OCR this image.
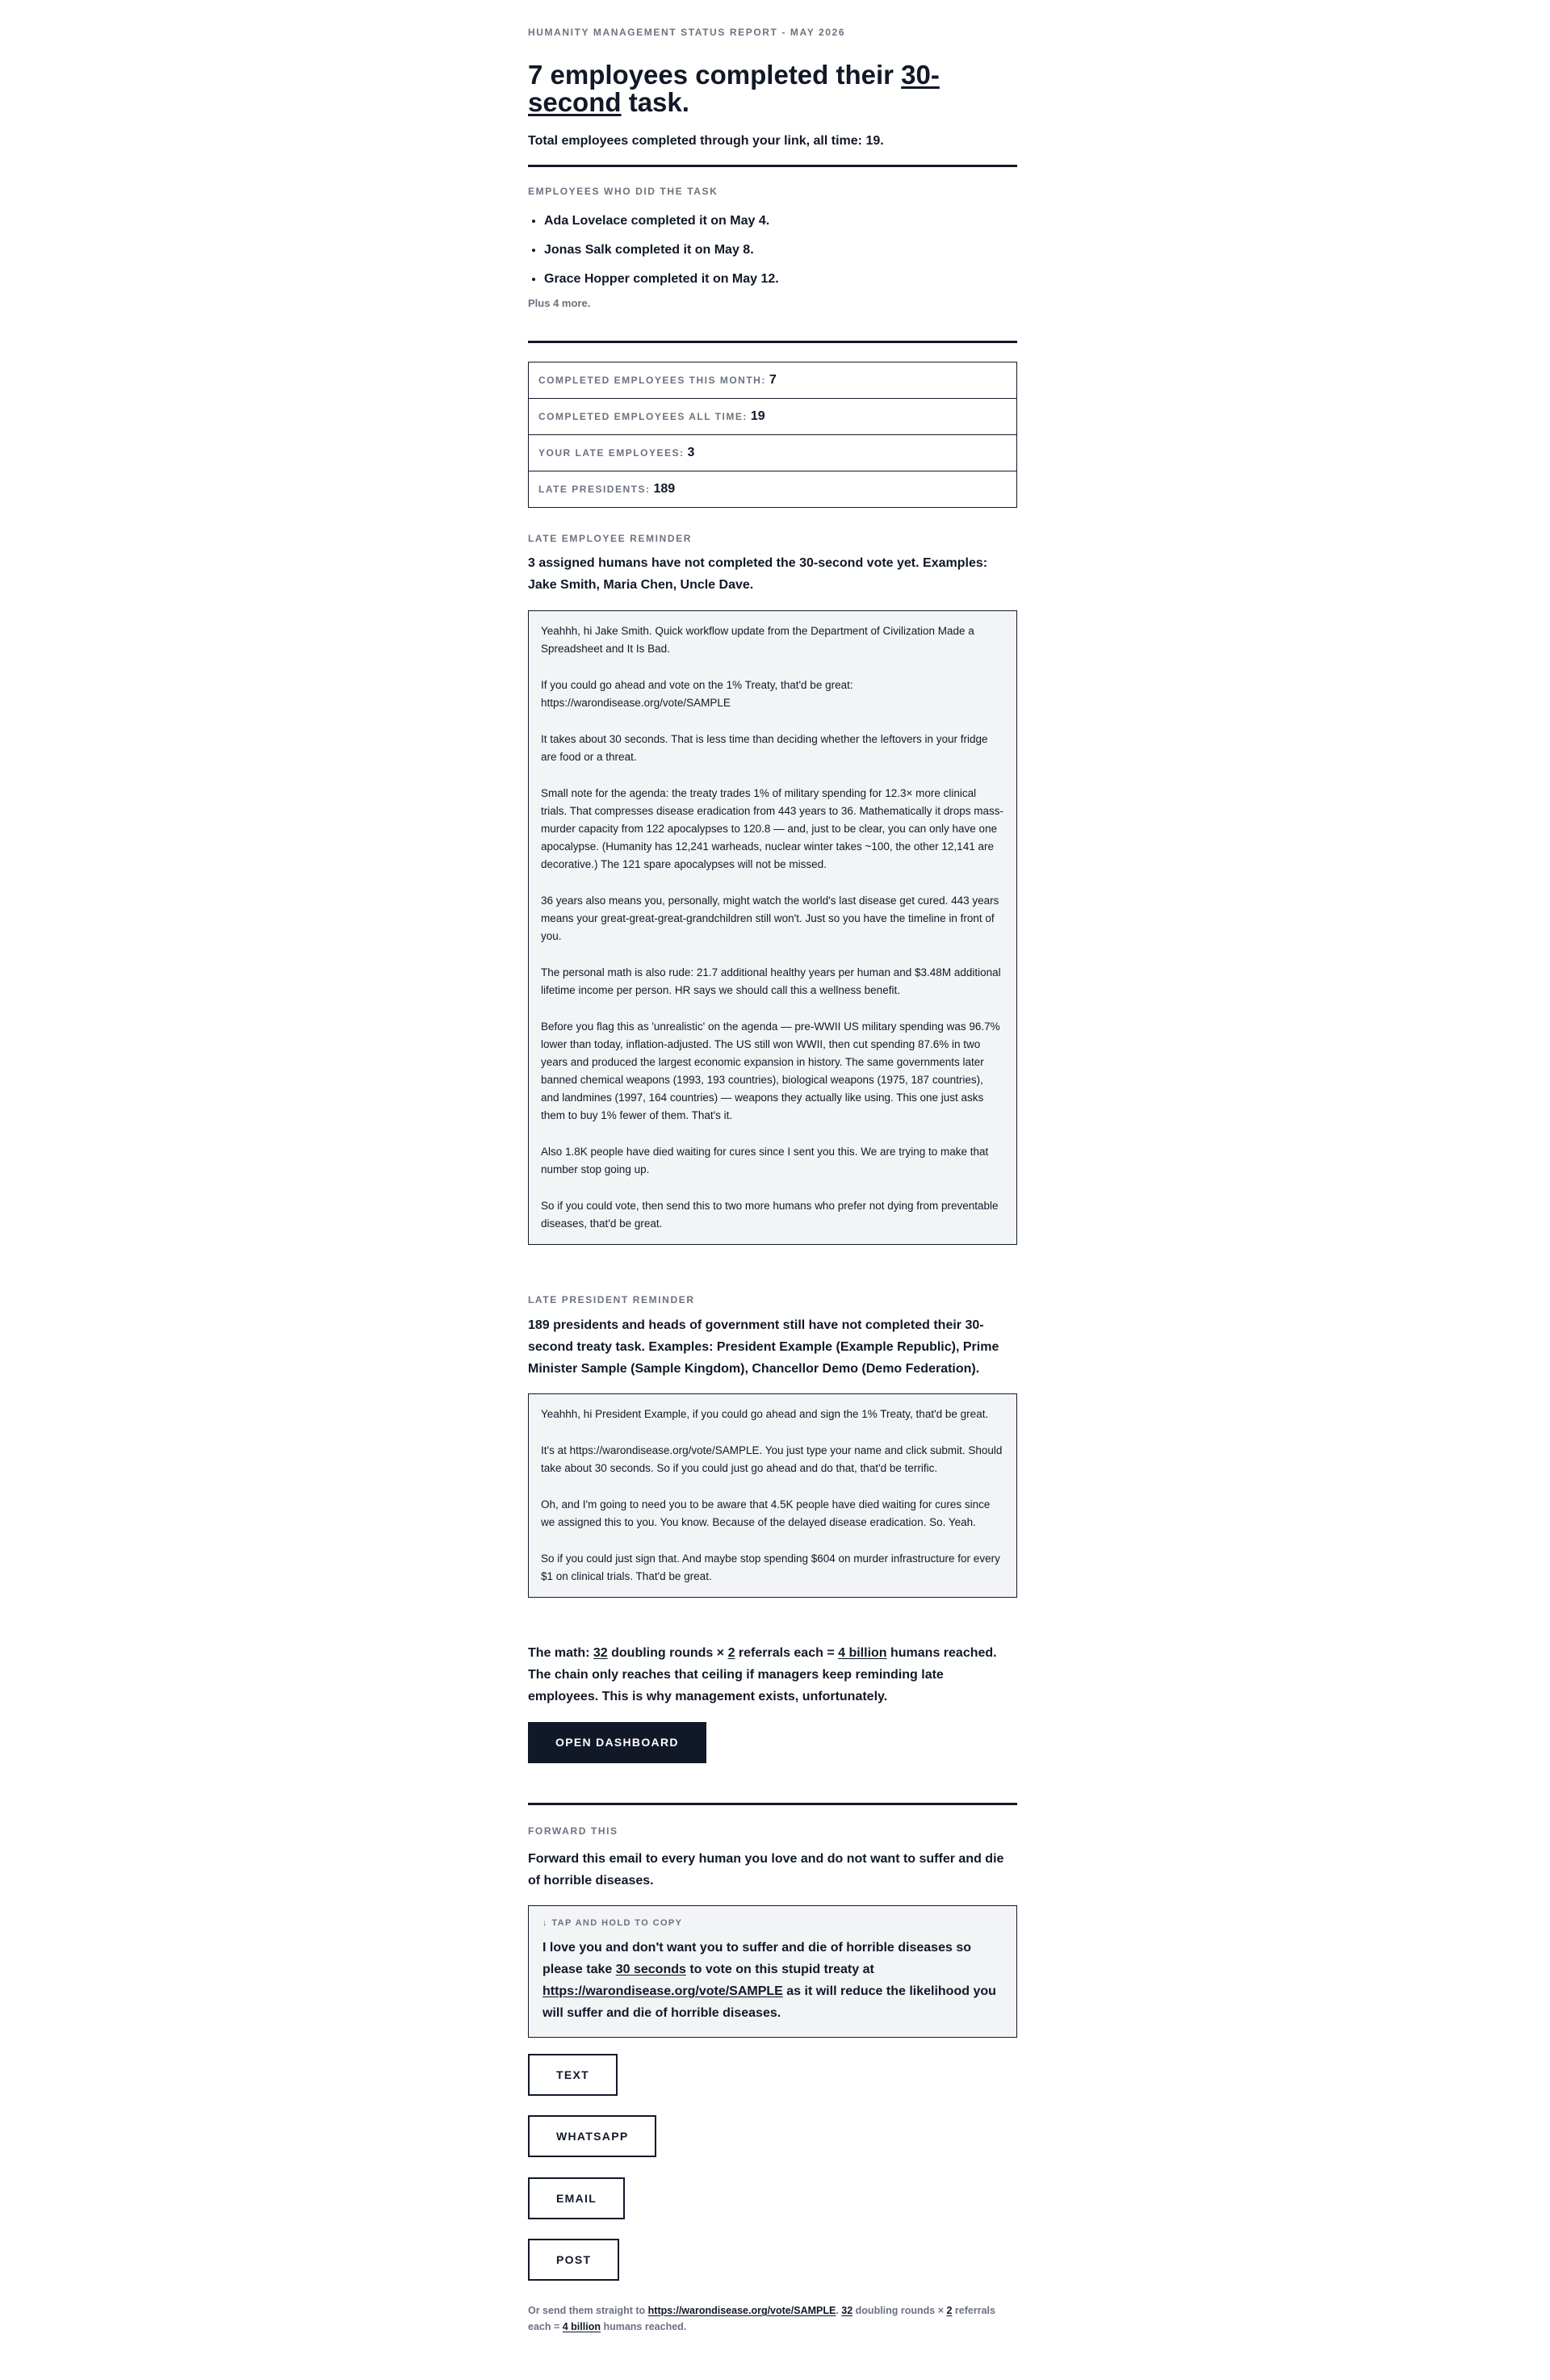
HUMANITY MANAGEMENT STATUS REPORT - MAY 2026
7 employees completed their 30-second task.
Total employees completed through your link, all time: 19.
EMPLOYEES WHO DID THE TASK
• Ada Lovelace completed it on May 4.
• Jonas Salk completed it on May 8.
• Grace Hopper completed it on May 12.
Plus 4 more.
COMPLETED EMPLOYEES THIS MONTH: 7
COMPLETED EMPLOYEES ALL TIME: 19
YOUR LATE EMPLOYEES: 3
LATE PRESIDENTS: 189
LATE EMPLOYEE REMINDER
3 assigned humans have not completed the 30-second vote yet. Examples: Jake Smith, Maria Chen, Uncle Dave.

Yeahhh, hi Jake Smith. Quick workflow update from the Department of Civilization Made a Spreadsheet and It Is Bad.

If you could go ahead and vote on the 1% Treaty, that'd be great: https://warondisease.org/vote/SAMPLE

It takes about 30 seconds. That is less time than deciding whether the leftovers in your fridge are food or a threat.

Small note for the agenda: the treaty trades 1% of military spending for 12.3× more clinical trials. That compresses disease eradication from 443 years to 36. Mathematically it drops mass-murder capacity from 122 apocalypses to 120.8 — and, just to be clear, you can only have one apocalypse. (Humanity has 12,241 warheads, nuclear winter takes ~100, the other 12,141 are decorative.) The 121 spare apocalypses will not be missed.

36 years also means you, personally, might watch the world's last disease get cured. 443 years means your great-great-great-grandchildren still won't. Just so you have the timeline in front of you.

The personal math is also rude: 21.7 additional healthy years per human and $3.48M additional lifetime income per person. HR says we should call this a wellness benefit.

Before you flag this as 'unrealistic' on the agenda — pre-WWII US military spending was 96.7% lower than today, inflation-adjusted. The US still won WWII, then cut spending 87.6% in two years and produced the largest economic expansion in history. The same governments later banned chemical weapons (1993, 193 countries), biological weapons (1975, 187 countries), and landmines (1997, 164 countries) — weapons they actually like using. This one just asks them to buy 1% fewer of them. That's it.

Also 1.8K people have died waiting for cures since I sent you this. We are trying to make that number stop going up.

So if you could vote, then send this to two more humans who prefer not dying from preventable diseases, that'd be great.

LATE PRESIDENT REMINDER
189 presidents and heads of government still have not completed their 30-second treaty task. Examples: President Example (Example Republic), Prime Minister Sample (Sample Kingdom), Chancellor Demo (Demo Federation).

Yeahhh, hi President Example, if you could go ahead and sign the 1% Treaty, that'd be great.

It's at https://warondisease.org/vote/SAMPLE. You just type your name and click submit. Should take about 30 seconds. So if you could just go ahead and do that, that'd be terrific.

Oh, and I'm going to need you to be aware that 4.5K people have died waiting for cures since we assigned this to you. You know. Because of the delayed disease eradication. So. Yeah.

So if you could just sign that. And maybe stop spending $604 on murder infrastructure for every $1 on clinical trials. That'd be great.

The math: 32 doubling rounds × 2 referrals each = 4 billion humans reached. The chain only reaches that ceiling if managers keep reminding late employees. This is why management exists, unfortunately.
OPEN DASHBOARD
FORWARD THIS
Forward this email to every human you love and do not want to suffer and die of horrible diseases.
↓ TAP AND HOLD TO COPY
I love you and don't want you to suffer and die of horrible diseases so please take 30 seconds to vote on this stupid treaty at https://warondisease.org/vote/SAMPLE as it will reduce the likelihood you will suffer and die of horrible diseases.
TEXT
WHATSAPP
EMAIL
POST
Or send them straight to https://warondisease.org/vote/SAMPLE. 32 doubling rounds × 2 referrals each = 4 billion humans reached.
